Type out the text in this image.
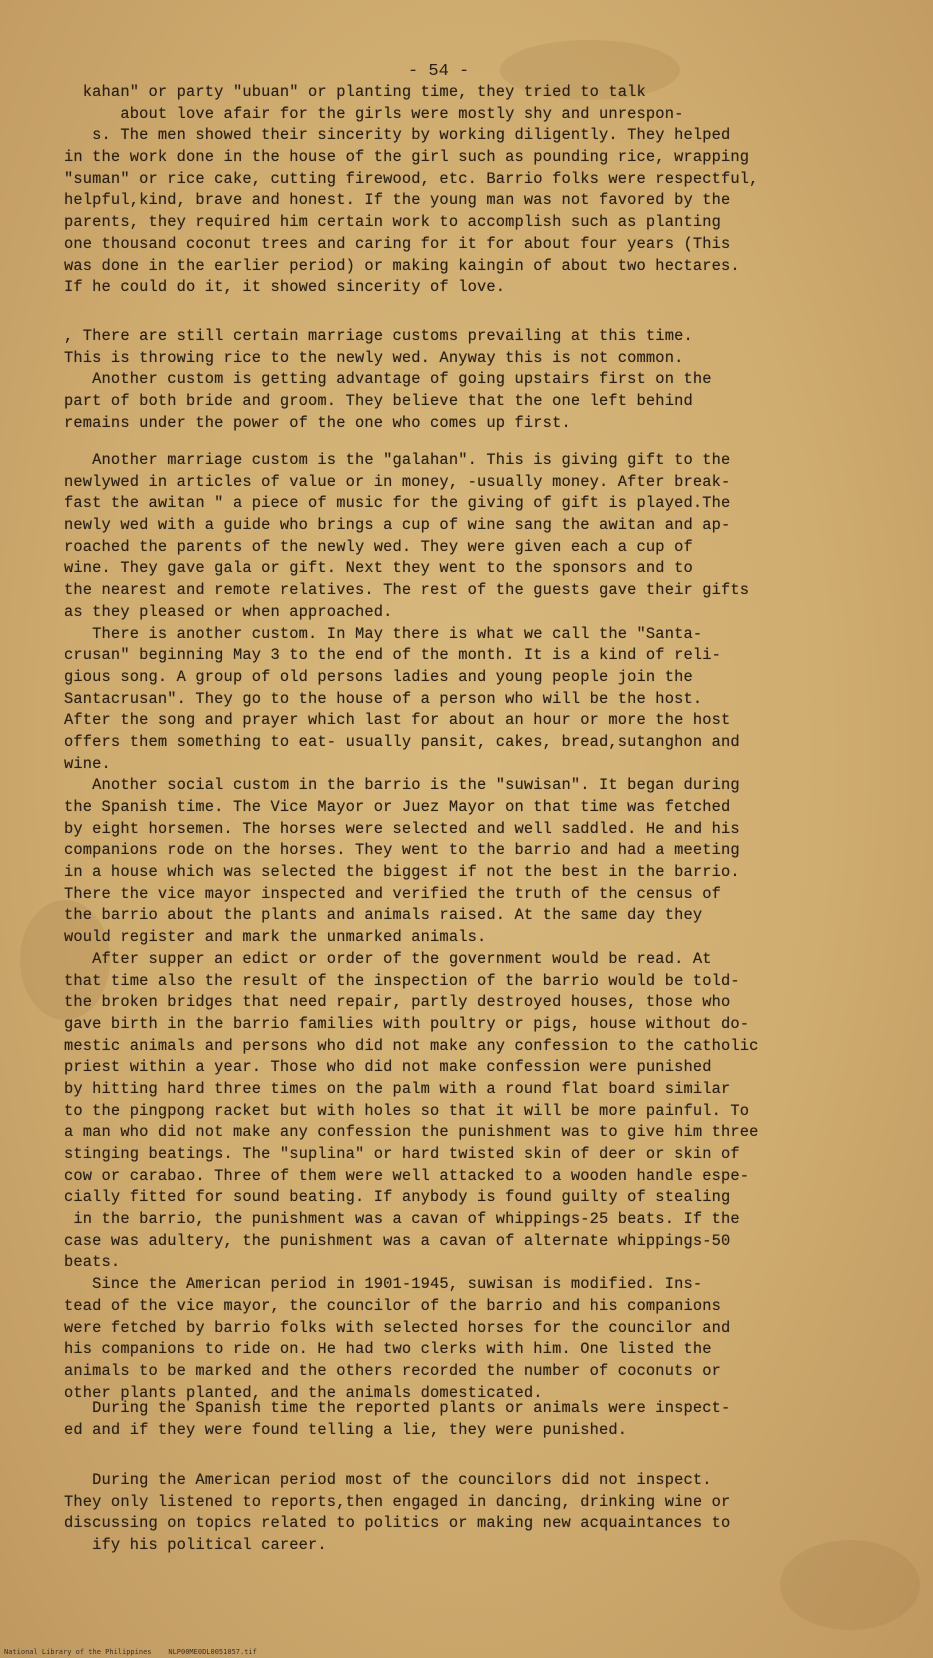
- 54 -
kahan" or party "ubuan" or planting time, they tried to talk
about love afair for the girls were mostly shy and unrespon-
s. The men showed their sincerity by working diligently. They helped
in the work done in the house of the girl such as pounding rice, wrapping
"suman" or rice cake, cutting firewood, etc. Barrio folks were respectful,
helpful,kind, brave and honest. If the young man was not favored by the
parents, they required him certain work to accomplish such as planting
one thousand coconut trees and caring for it for about four years (This
was done in the earlier period) or making kaingin of about two hectares.
If he could do it, it showed sincerity of love.
, There are still certain marriage customs prevailing at this time.
This is throwing rice to the newly wed. Anyway this is not common.
Another custom is getting advantage of going upstairs first on the
part of both bride and groom. They believe that the one left behind
remains under the power of the one who comes up first.
Another marriage custom is the "galahan". This is giving gift to the
newlywed in articles of value or in money, -usually money. After break-
fast the awitan " a piece of music for the giving of gift is played.The
newly wed with a guide who brings a cup of wine sang the awitan and ap-
roached the parents of the newly wed. They were given each a cup of
wine. They gave gala or gift. Next they went to the sponsors and to
the nearest and remote relatives. The rest of the guests gave their gifts
as they pleased or when approached.
There is another custom. In May there is what we call the "Santa-
crusan" beginning May 3 to the end of the month. It is a kind of reli-
gious song. A group of old persons ladies and young people join the
Santacrusan". They go to the house of a person who will be the host.
After the song and prayer which last for about an hour or more the host
offers them something to eat- usually pansit, cakes, bread,sutanghon and
wine.
Another social custom in the barrio is the "suwisan". It began during
the Spanish time. The Vice Mayor or Juez Mayor on that time was fetched
by eight horsemen. The horses were selected and well saddled. He and his
companions rode on the horses. They went to the barrio and had a meeting
in a house which was selected the biggest if not the best in the barrio.
There the vice mayor inspected and verified the truth of the census of
the barrio about the plants and animals raised. At the same day they
would register and mark the unmarked animals.
After supper an edict or order of the government would be read. At
that time also the result of the inspection of the barrio would be told-
the broken bridges that need repair, partly destroyed houses, those who
gave birth in the barrio families with poultry or pigs, house without do-
mestic animals and persons who did not make any confession to the catholic
priest within a year. Those who did not make confession were punished
by hitting hard three times on the palm with a round flat board similar
to the pingpong racket but with holes so that it will be more painful. To
a man who did not make any confession the punishment was to give him three
stinging beatings. The "suplina" or hard twisted skin of deer or skin of
cow or carabao. Three of them were well attacked to a wooden handle espe-
cially fitted for sound beating. If anybody is found guilty of stealing
in the barrio, the punishment was a cavan of whippings-25 beats. If the
case was adultery, the punishment was a cavan of alternate whippings-50
beats.
Since the American period in 1901-1945, suwisan is modified. Ins-
tead of the vice mayor, the councilor of the barrio and his companions
were fetched by barrio folks with selected horses for the councilor and
his companions to ride on. He had two clerks with him. One listed the
animals to be marked and the others recorded the number of coconuts or
other plants planted, and the animals domesticated.
During the Spanish time the reported plants or animals were inspect-
ed and if they were found telling a lie, they were punished.
During the American period most of the councilors did not inspect.
They only listened to reports,then engaged in dancing, drinking wine or
discussing on topics related to politics or making new acquaintances to
ify his political career.
National Library of the Philippines    NLP00ME0DL0051057.tif
